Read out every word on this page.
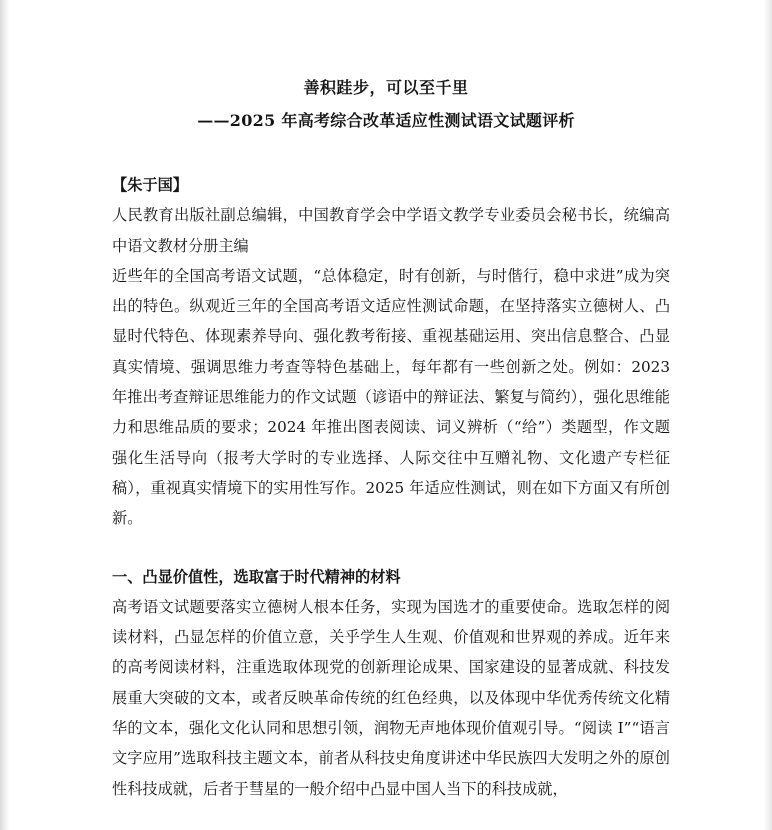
善积跬步，可以至千里
——2025 年高考综合改革适应性测试语文试题评析

【朱于国】

人民教育出版社副总编辑，中国教育学会中学语文教学专业委员会秘书长，统编高中语文教材分册主编

近些年的全国高考语文试题，“总体稳定，时有创新，与时偕行，稳中求进”成为突出的特色。纵观近三年的全国高考语文适应性测试命题，在坚持落实立德树人、凸显时代特色、体现素养导向、强化教考衔接、重视基础运用、突出信息整合、凸显真实情境、强调思维力考查等特色基础上，每年都有一些创新之处。例如：2023 年推出考查辩证思维能力的作文试题（谚语中的辩证法、繁复与简约），强化思维能力和思维品质的要求；2024 年推出图表阅读、词义辨析（“给”）类题型，作文题强化生活导向（报考大学时的专业选择、人际交往中互赠礼物、文化遗产专栏征稿），重视真实情境下的实用性写作。2025 年适应性测试，则在如下方面又有所创新。

一、凸显价值性，选取富于时代精神的材料

高考语文试题要落实立德树人根本任务，实现为国选才的重要使命。选取怎样的阅读材料，凸显怎样的价值立意，关乎学生人生观、价值观和世界观的养成。近年来的高考阅读材料，注重选取体现党的创新理论成果、国家建设的显著成就、科技发展重大突破的文本，或者反映革命传统的红色经典，以及体现中华优秀传统文化精华的文本，强化文化认同和思想引领，润物无声地体现价值观引导。“阅读 I”“语言文字应用”选取科技主题文本，前者从科技史角度讲述中华民族四大发明之外的原创性科技成就，后者于彗星的一般介绍中凸显中国人当下的科技成就，
